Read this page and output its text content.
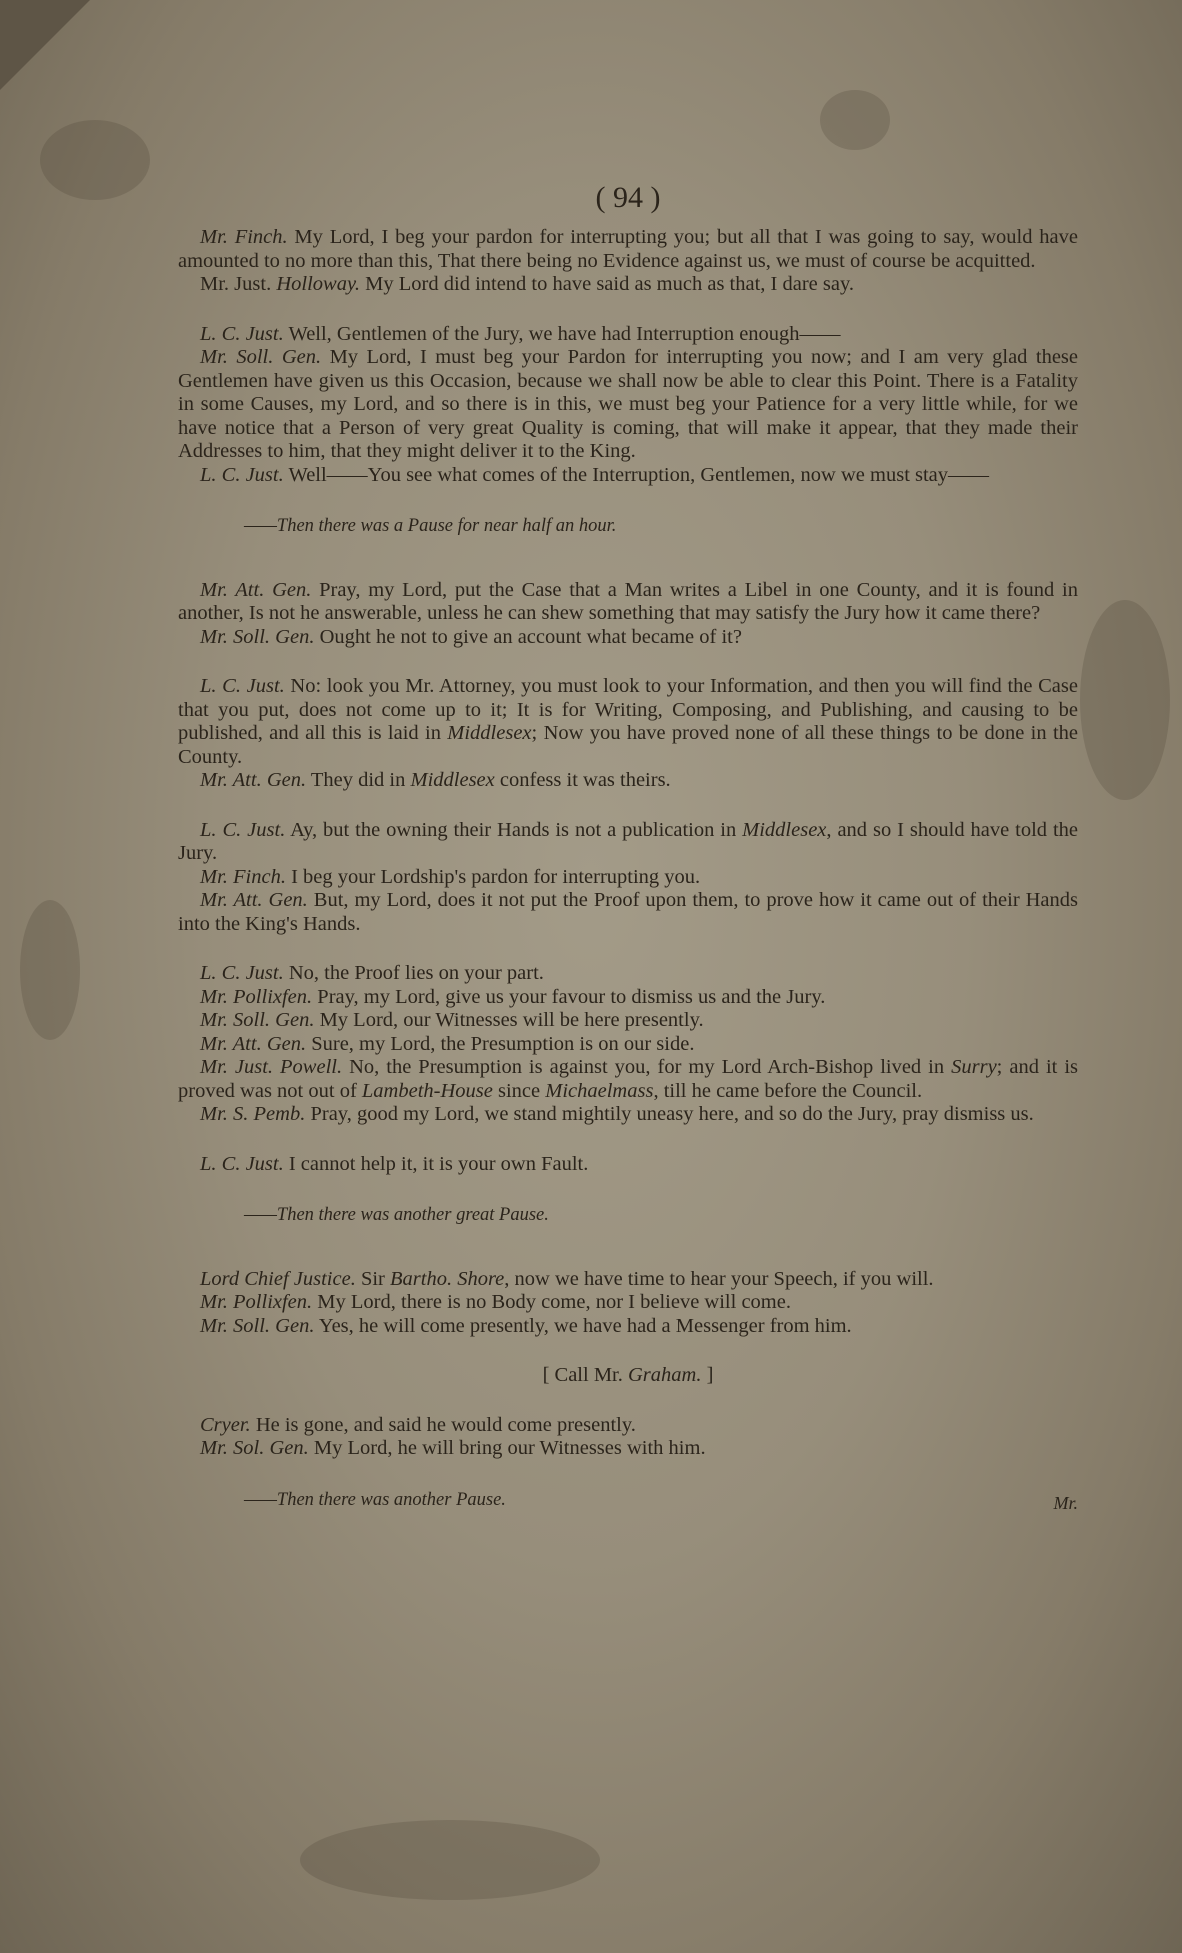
( 94 )

Mr. Finch. My Lord, I beg your pardon for interrupting you; but all that I was going to say, would have amounted to no more than this, That there being no Evidence against us, we must of course be acquitted.

Mr. Just. Holloway. My Lord did intend to have said as much as that, I dare say.

L. C. Just. Well, Gentlemen of the Jury, we have had Interruption enough——

Mr. Soll. Gen. My Lord, I must beg your Pardon for interrupting you now; and I am very glad these Gentlemen have given us this Occasion, because we shall now be able to clear this Point. There is a Fatality in some Causes, my Lord, and so there is in this, we must beg your Patience for a very little while, for we have notice that a Person of very great Quality is coming, that will make it appear, that they made their Addresses to him, that they might deliver it to the King.

L. C. Just. Well——You see what comes of the Interruption, Gentlemen, now we must stay——

——Then there was a Pause for near half an hour.

Mr. Att. Gen. Pray, my Lord, put the Case that a Man writes a Libel in one County, and it is found in another, Is not he answerable, unless he can shew something that may satisfy the Jury how it came there?

Mr. Soll. Gen. Ought he not to give an account what became of it?

L. C. Just. No: look you Mr. Attorney, you must look to your Information, and then you will find the Case that you put, does not come up to it; It is for Writing, Composing, and Publishing, and causing to be published, and all this is laid in Middlesex; Now you have proved none of all these things to be done in the County.

Mr. Att. Gen. They did in Middlesex confess it was theirs.

L. C. Just. Ay, but the owning their Hands is not a publication in Middlesex, and so I should have told the Jury.

Mr. Finch. I beg your Lordship's pardon for interrupting you.

Mr. Att. Gen. But, my Lord, does it not put the Proof upon them, to prove how it came out of their Hands into the King's Hands.

L. C. Just. No, the Proof lies on your part.

Mr. Pollixfen. Pray, my Lord, give us your favour to dismiss us and the Jury.

Mr. Soll. Gen. My Lord, our Witnesses will be here presently.

Mr. Att. Gen. Sure, my Lord, the Presumption is on our side.

Mr. Just. Powell. No, the Presumption is against you, for my Lord Arch-Bishop lived in Surry; and it is proved was not out of Lambeth-House since Michaelmass, till he came before the Council.

Mr. S. Pemb. Pray, good my Lord, we stand mightily uneasy here, and so do the Jury, pray dismiss us.

L. C. Just. I cannot help it, it is your own Fault.

——Then there was another great Pause.

Lord Chief Justice. Sir Bartho. Shore, now we have time to hear your Speech, if you will.

Mr. Pollixfen. My Lord, there is no Body come, nor I believe will come.

Mr. Soll. Gen. Yes, he will come presently, we have had a Messenger from him.

[ Call Mr. Graham. ]

Cryer. He is gone, and said he would come presently.

Mr. Sol. Gen. My Lord, he will bring our Witnesses with him.

——Then there was another Pause.	Mr.
